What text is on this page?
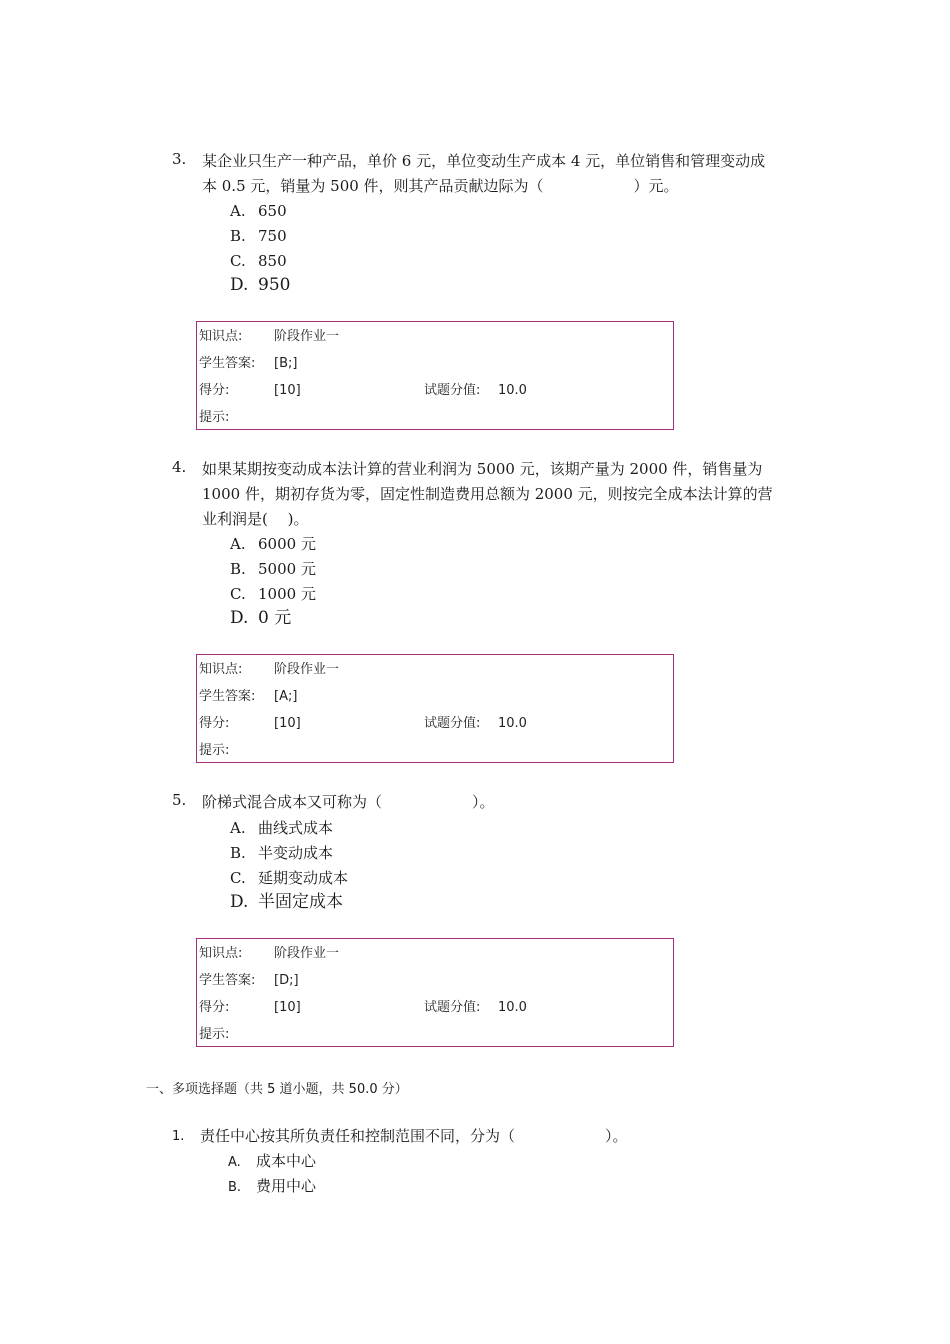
3. 某企业只生产一种产品，单价 6 元，单位变动生产成本 4 元，单位销售和管理变动成
本 0.5 元，销量为 500 件，则其产品贡献边际为（　　　　　　）元。
A. 650
B. 750
C. 850
D. 950
知识点: 阶段作业一
学生答案: [B;]
得分:	[10]	试题分值: 10.0
提示:
4. 如果某期按变动成本法计算的营业利润为 5000 元，该期产量为 2000 件，销售量为
1000 件，期初存货为零，固定性制造费用总额为 2000 元，则按完全成本法计算的营
业利润是(　 )。
A. 6000 元
B. 5000 元
C. 1000 元
D. 0 元
知识点: 阶段作业一
学生答案: [A;]
得分:	[10]	试题分值: 10.0
提示:
5. 阶梯式混合成本又可称为（　　　　　　）。
A. 曲线式成本
B. 半变动成本
C. 延期变动成本
D. 半固定成本
知识点: 阶段作业一
学生答案: [D;]
得分:	[10]	试题分值: 10.0
提示:
一、多项选择题（共 5 道小题，共 50.0 分）
1. 责任中心按其所负责任和控制范围不同，分为（　　　　　　）。
A. 成本中心
B. 费用中心
